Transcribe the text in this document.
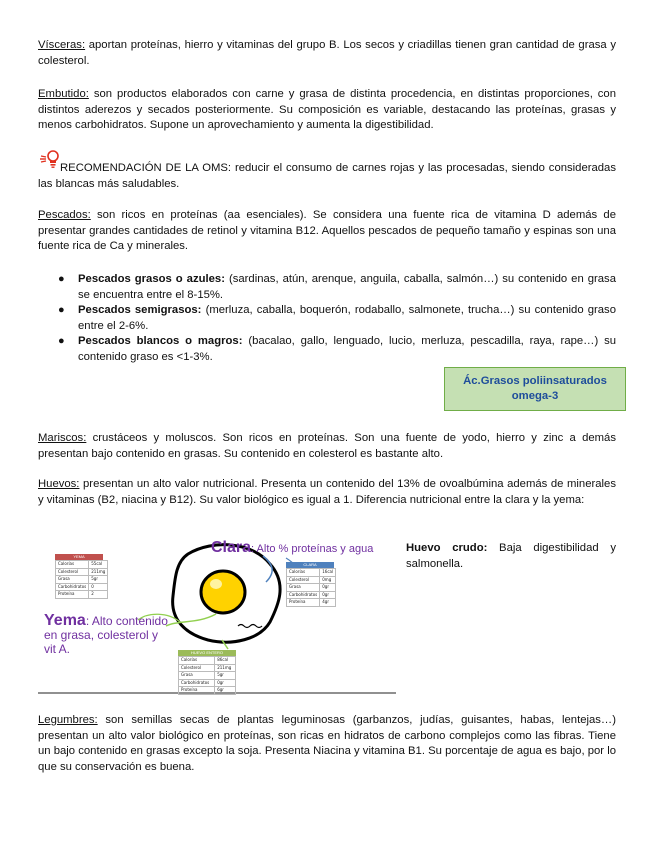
Vísceras: aportan proteínas, hierro y vitaminas del grupo B. Los secos y criadillas tienen gran cantidad de grasa y colesterol.

Embutido: son productos elaborados con carne y grasa de distinta procedencia, en distintas proporciones, con distintos aderezos y secados posteriormente. Su composición es variable, destacando las proteínas, grasas y menos carbohidratos. Supone un aprovechamiento y aumenta la digestibilidad.

RECOMENDACIÓN DE LA OMS: reducir el consumo de carnes rojas y las procesadas, siendo consideradas las blancas más saludables.

Pescados: son ricos en proteínas (aa esenciales). Se considera una fuente rica de vitamina D además de presentar grandes cantidades de retinol y vitamina B12. Aquellos pescados de pequeño tamaño y espinas son una fuente rica de Ca y minerales.

● Pescados grasos o azules: (sardinas, atún, arenque, anguila, caballa, salmón…) su contenido en grasa se encuentra entre el 8-15%.
● Pescados semigrasos: (merluza, caballa, boquerón, rodaballo, salmonete, trucha…) su contenido graso entre el 2-6%.
● Pescados blancos o magros: (bacalao, gallo, lenguado, lucio, merluza, pescadilla, raya, rape…) su contenido graso es <1-3%.
Ác.Grasos poliinsaturados omega-3

Mariscos: crustáceos y moluscos. Son ricos en proteínas. Son una fuente de yodo, hierro y zinc a demás presentan bajo contenido en grasas. Su contenido en colesterol es bastante alto.

Huevos: presentan un alto valor nutricional. Presenta un contenido del 13% de ovoalbúmina además de minerales y vitaminas (B2, niacina y B12). Su valor biológico es igual a 1. Diferencia nutricional entre la clara y la yema:

Huevo crudo: Baja digestibilidad y salmonella.

Clara: Alto % proteínas y agua
Yema: Alto contenido
en grasa, colesterol y
vit A.
YEMA
Calorías	55cal
Colesterol	211mg
Grasa	5gr
Carbohidratos	0
Proteína	2
CLARA
Calorías	16cal
Colesterol	0mg
Grasa	0gr
Carbohidratos	0gr
Proteína	4gr
HUEVO ENTERO
Calorías	86cal
Colesterol	211mg
Grasa	5gr
Carbohidratos	0gr
Proteína	6gr

Legumbres: son semillas secas de plantas leguminosas (garbanzos, judías, guisantes, habas, lentejas…) presentan un alto valor biológico en proteínas, son ricas en hidratos de carbono complejos como las fibras. Tiene un bajo contenido en grasas excepto la soja. Presenta Niacina y vitamina B1. Su porcentaje de agua es bajo, por lo que su conservación es buena.
